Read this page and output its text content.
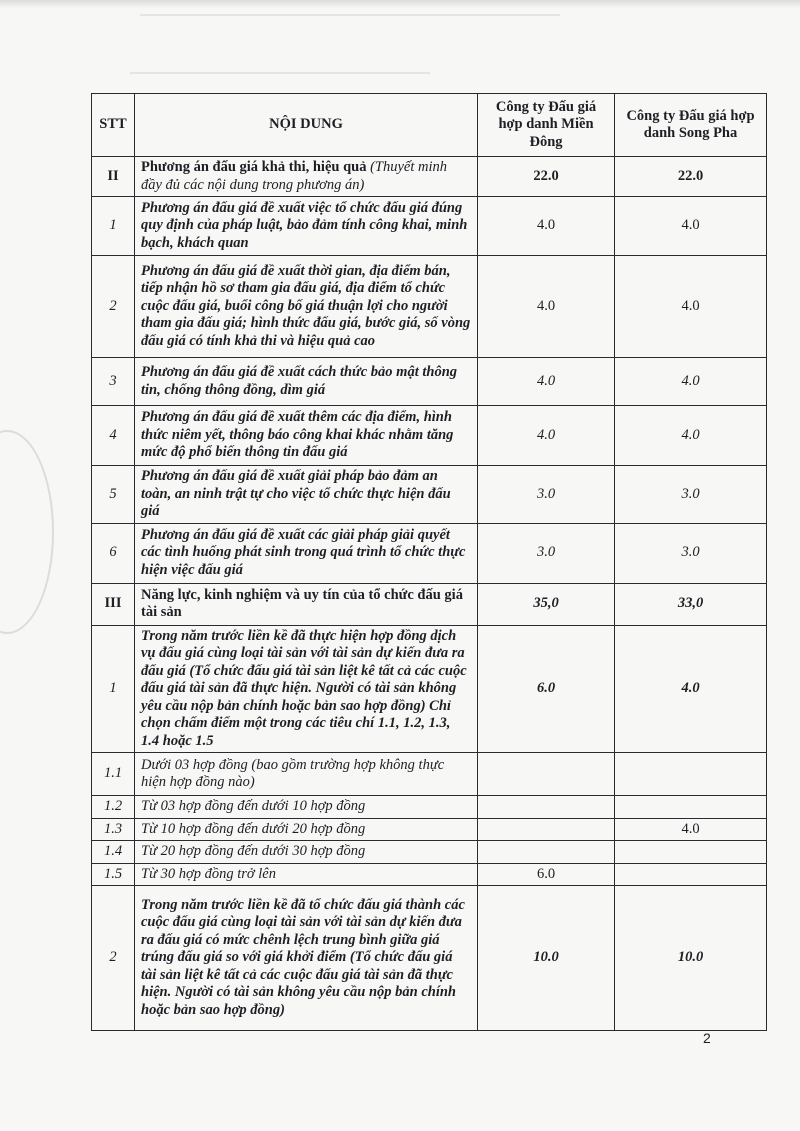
STT	NỘI DUNG	Công ty Đấu giá hợp danh Miền Đông	Công ty Đấu giá hợp danh Song Pha
II	Phương án đấu giá khả thi, hiệu quả (Thuyết minh đầy đủ các nội dung trong phương án)	22.0	22.0
1	Phương án đấu giá đề xuất việc tổ chức đấu giá đúng quy định của pháp luật, bảo đảm tính công khai, minh bạch, khách quan	4.0	4.0
2	Phương án đấu giá đề xuất thời gian, địa điểm bán, tiếp nhận hồ sơ tham gia đấu giá, địa điểm tổ chức cuộc đấu giá, buổi công bố giá thuận lợi cho người tham gia đấu giá; hình thức đấu giá, bước giá, số vòng đấu giá có tính khả thi và hiệu quả cao	4.0	4.0
3	Phương án đấu giá đề xuất cách thức bảo mật thông tin, chống thông đồng, dìm giá	4.0	4.0
4	Phương án đấu giá đề xuất thêm các địa điểm, hình thức niêm yết, thông báo công khai khác nhằm tăng mức độ phổ biến thông tin đấu giá	4.0	4.0
5	Phương án đấu giá đề xuất giải pháp bảo đảm an toàn, an ninh trật tự cho việc tổ chức thực hiện đấu giá	3.0	3.0
6	Phương án đấu giá đề xuất các giải pháp giải quyết các tình huống phát sinh trong quá trình tổ chức thực hiện việc đấu giá	3.0	3.0
III	Năng lực, kinh nghiệm và uy tín của tổ chức đấu giá tài sản	35,0	33,0
1	Trong năm trước liền kề đã thực hiện hợp đồng dịch vụ đấu giá cùng loại tài sản với tài sản dự kiến đưa ra đấu giá (Tổ chức đấu giá tài sản liệt kê tất cả các cuộc đấu giá tài sản đã thực hiện. Người có tài sản không yêu cầu nộp bản chính hoặc bản sao hợp đồng) Chỉ chọn chấm điểm một trong các tiêu chí 1.1, 1.2, 1.3, 1.4 hoặc 1.5	6.0	4.0
1.1	Dưới 03 hợp đồng (bao gồm trường hợp không thực hiện hợp đồng nào)		
1.2	Từ 03 hợp đồng đến dưới 10 hợp đồng		
1.3	Từ 10 hợp đồng đến dưới 20 hợp đồng		4.0
1.4	Từ 20 hợp đồng đến dưới 30 hợp đồng		
1.5	Từ 30 hợp đồng trở lên	6.0	
2	Trong năm trước liền kề đã tổ chức đấu giá thành các cuộc đấu giá cùng loại tài sản với tài sản dự kiến đưa ra đấu giá có mức chênh lệch trung bình giữa giá trúng đấu giá so với giá khởi điểm (Tổ chức đấu giá tài sản liệt kê tất cả các cuộc đấu giá tài sản đã thực hiện. Người có tài sản không yêu cầu nộp bản chính hoặc bản sao hợp đồng)	10.0	10.0
2
